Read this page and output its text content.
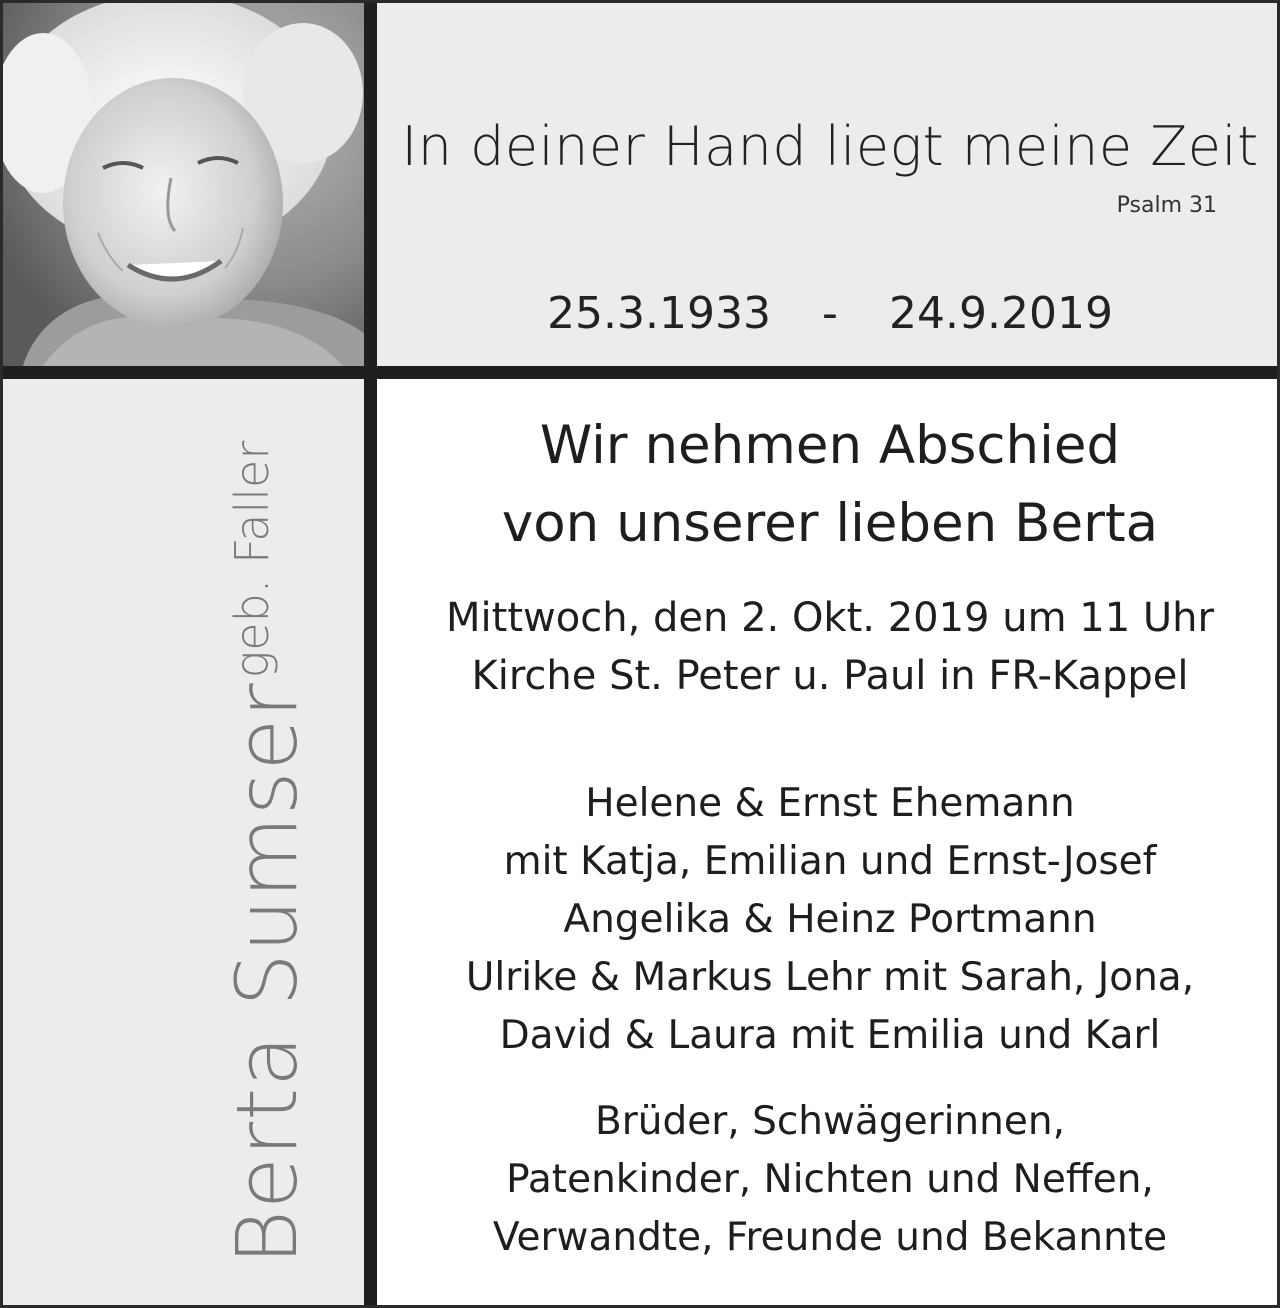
In deiner Hand liegt meine Zeit
Psalm 31
25.3.1933 - 24.9.2019
Berta Sumsergeb. Faller	Wir nehmen Abschied
von unserer lieben Berta
Mittwoch, den 2. Okt. 2019 um 11 Uhr
Kirche St. Peter u. Paul in FR-Kappel
Helene & Ernst Ehemann
mit Katja, Emilian und Ernst-Josef
Angelika & Heinz Portmann
Ulrike & Markus Lehr mit Sarah, Jona,
David & Laura mit Emilia und Karl
Brüder, Schwägerinnen,
Patenkinder, Nichten und Neffen,
Verwandte, Freunde und Bekannte
